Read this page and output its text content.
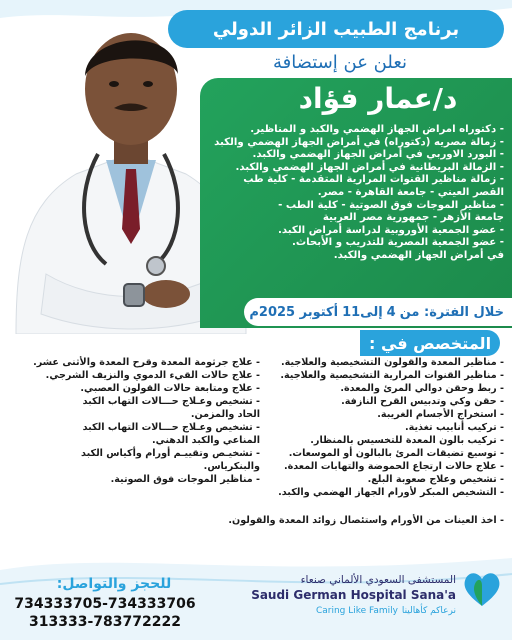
برنامج الطبيب الزائر الدولي
نعلن عن إستضافة
د/عمار فؤاد
- دكتوراه امراض الجهاز الهضمي والكبد و المناظير.
- زمالة مصريه (دكتوراه) في أمراض الجهاز الهضمي والكبد
- البورد الاوربي في أمراض الجهاز الهضمي والكبد.
- الزمالة البريطانية في أمراض الجهاز الهضمي والكبد.
- زمالة مناظير القنوات المرارية المتقدمة - كلية طب
القصر العيني - جامعة القاهرة - مصر.
- مناظير الموجات فوق الصوتية - كلية الطب -
جامعة الأزهر - جمهورية مصر العربية
- عضو الجمعية الأوروبية لدراسة أمراض الكبد.
- عضو الجمعية المصرية للتدريب و الأبحاث.
في أمراض الجهاز الهضمي والكبد.
خلال الفترة: من
4
إلى11
أكتوبر 2025م
المتخصص في :
- مناظير المعدة والقولون التشخيصية والعلاجية.
- مناظير القنوات المرارية التشخيصية والعلاجية.
- ربط وحقن دوالي المرئ والمعدة.
- حقن وكي وتدبيس القرح النازفة.
- استخراج الأجسام الغريبة.
- تركيب أنابيب تغذية.
- تركيب بالون المعدة للتخسيس بالمنظار.
- توسيع تضيقات المرئ بالبالون أو الموسعات.
- علاج حالات ارتجاع الحموضة والتهابات المعدة.
- تشخيص وعلاج صعوبة البلع.
- التشخيص المبكر لأورام الجهاز الهضمي والكبد.
- علاج جرثومة المعدة وقرح المعدة والأثنى عشر.
- علاج حالات القيء الدموي والنزيف الشرجي.
- علاج ومتابعة حالات القولون العصبي.
- تشخيص وعـلاج حـــالات التهاب الكبد
الحاد والمزمن.
- تشخيص وعـلاج حـــالات التهاب الكبد
المناعي والكبد الدهني.
- تشخيـص وتقييـم أورام وأكياس الكبد
والبنكرياس.
- مناظير الموجات فوق الصوتية.
- اخذ العينات من الأورام واستئصال زوائد المعدة والقولون.
للحجز والتواصل:
734333705-734333706
313333-783772222
المستشفى السعودي الألماني صنعاء
Saudi German Hospital Sana'a
Caring Like Family نرعاكم كأهالينا
